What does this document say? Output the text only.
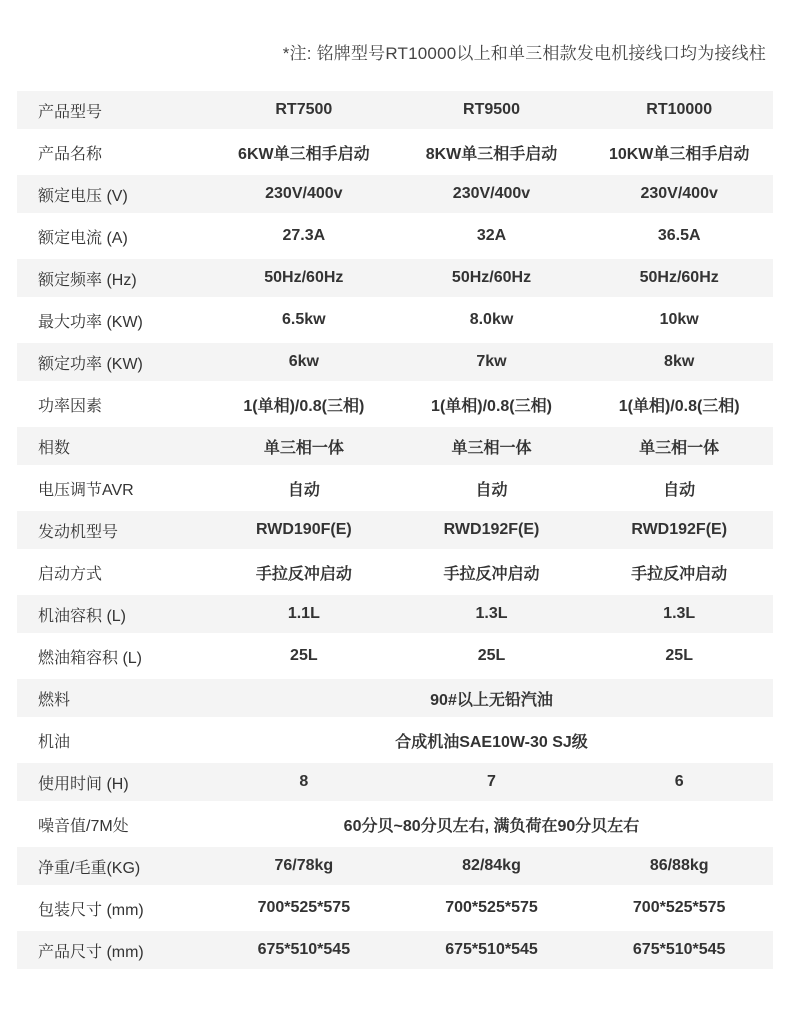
*注: 铭牌型号RT10000以上和单三相款发电机接线口均为接线柱

产品型号	RT7500	RT9500	RT10000
产品名称	6KW单三相手启动	8KW单三相手启动	10KW单三相手启动
额定电压 (V)	230V/400v	230V/400v	230V/400v
额定电流 (A)	27.3A	32A	36.5A
额定频率 (Hz)	50Hz/60Hz	50Hz/60Hz	50Hz/60Hz
最大功率 (KW)	6.5kw	8.0kw	10kw
额定功率 (KW)	6kw	7kw	8kw
功率因素	1(单相)/0.8(三相)	1(单相)/0.8(三相)	1(单相)/0.8(三相)
相数	单三相一体	单三相一体	单三相一体
电压调节AVR	自动	自动	自动
发动机型号	RWD190F(E)	RWD192F(E)	RWD192F(E)
启动方式	手拉反冲启动	手拉反冲启动	手拉反冲启动
机油容积 (L)	1.1L	1.3L	1.3L
燃油箱容积 (L)	25L	25L	25L
燃料	90#以上无铅汽油
机油	合成机油SAE10W-30 SJ级
使用时间 (H)	8	7	6
噪音值/7M处	60分贝~80分贝左右, 满负荷在90分贝左右
净重/毛重(KG)	76/78kg	82/84kg	86/88kg
包装尺寸 (mm)	700*525*575	700*525*575	700*525*575
产品尺寸 (mm)	675*510*545	675*510*545	675*510*545
